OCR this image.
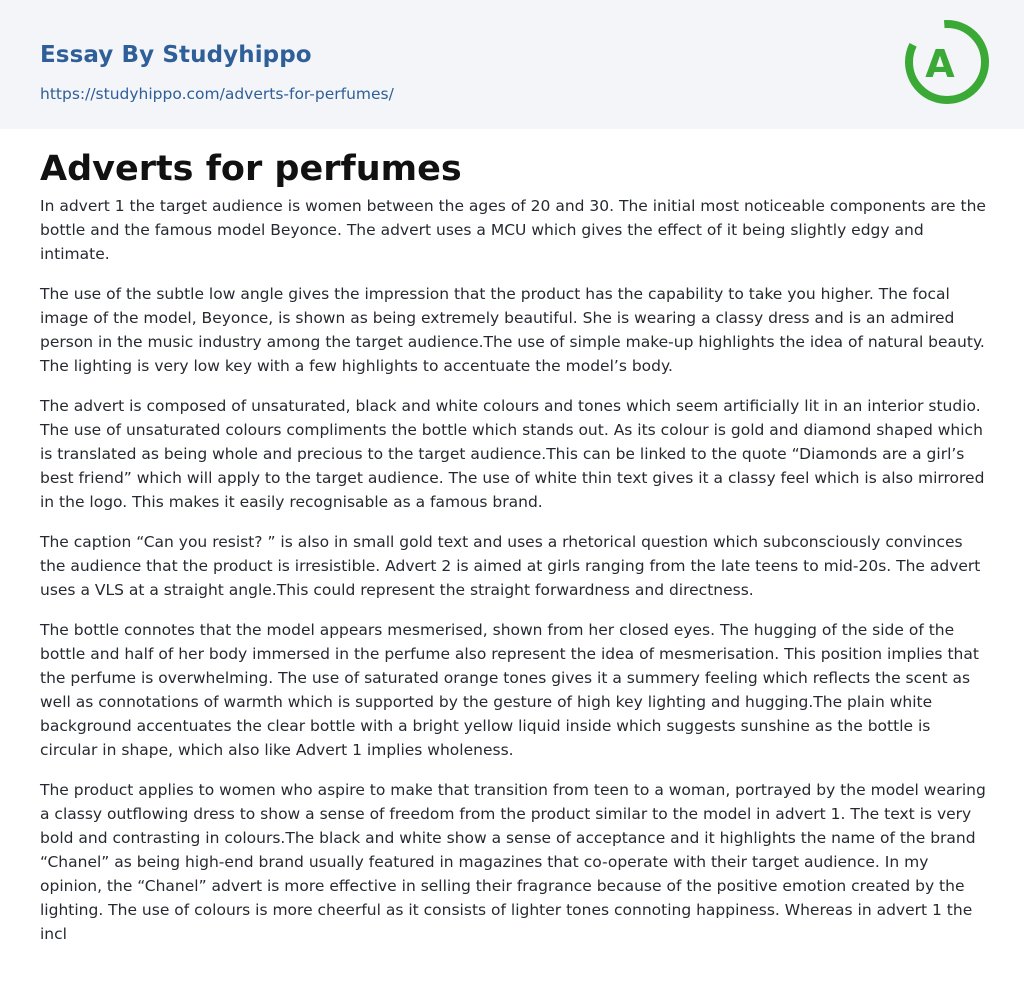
Essay By Studyhippo
https://studyhippo.com/adverts-for-perfumes/
A
Adverts for perfumes

In advert 1 the target audience is women between the ages of 20 and 30. The initial most noticeable components are the bottle and the famous model Beyonce. The advert uses a MCU which gives the effect of it being slightly edgy and intimate.

The use of the subtle low angle gives the impression that the product has the capability to take you higher. The focal image of the model, Beyonce, is shown as being extremely beautiful. She is wearing a classy dress and is an admired person in the music industry among the target audience.The use of simple make-up highlights the idea of natural beauty. The lighting is very low key with a few highlights to accentuate the model’s body.

The advert is composed of unsaturated, black and white colours and tones which seem artificially lit in an interior studio. The use of unsaturated colours compliments the bottle which stands out. As its colour is gold and diamond shaped which is translated as being whole and precious to the target audience.This can be linked to the quote “Diamonds are a girl’s best friend” which will apply to the target audience. The use of white thin text gives it a classy feel which is also mirrored in the logo. This makes it easily recognisable as a famous brand.

The caption “Can you resist? ” is also in small gold text and uses a rhetorical question which subconsciously convinces the audience that the product is irresistible. Advert 2 is aimed at girls ranging from the late teens to mid-20s. The advert uses a VLS at a straight angle.This could represent the straight forwardness and directness.

The bottle connotes that the model appears mesmerised, shown from her closed eyes. The hugging of the side of the bottle and half of her body immersed in the perfume also represent the idea of mesmerisation. This position implies that the perfume is overwhelming. The use of saturated orange tones gives it a summery feeling which reflects the scent as well as connotations of warmth which is supported by the gesture of high key lighting and hugging.The plain white background accentuates the clear bottle with a bright yellow liquid inside which suggests sunshine as the bottle is circular in shape, which also like Advert 1 implies wholeness.

The product applies to women who aspire to make that transition from teen to a woman, portrayed by the model wearing a classy outflowing dress to show a sense of freedom from the product similar to the model in advert 1. The text is very bold and contrasting in colours.The black and white show a sense of acceptance and it highlights the name of the brand “Chanel” as being high-end brand usually featured in magazines that co-operate with their target audience. In my opinion, the “Chanel” advert is more effective in selling their fragrance because of the positive emotion created by the lighting. The use of colours is more cheerful as it consists of lighter tones connoting happiness. Whereas in advert 1 the incl
